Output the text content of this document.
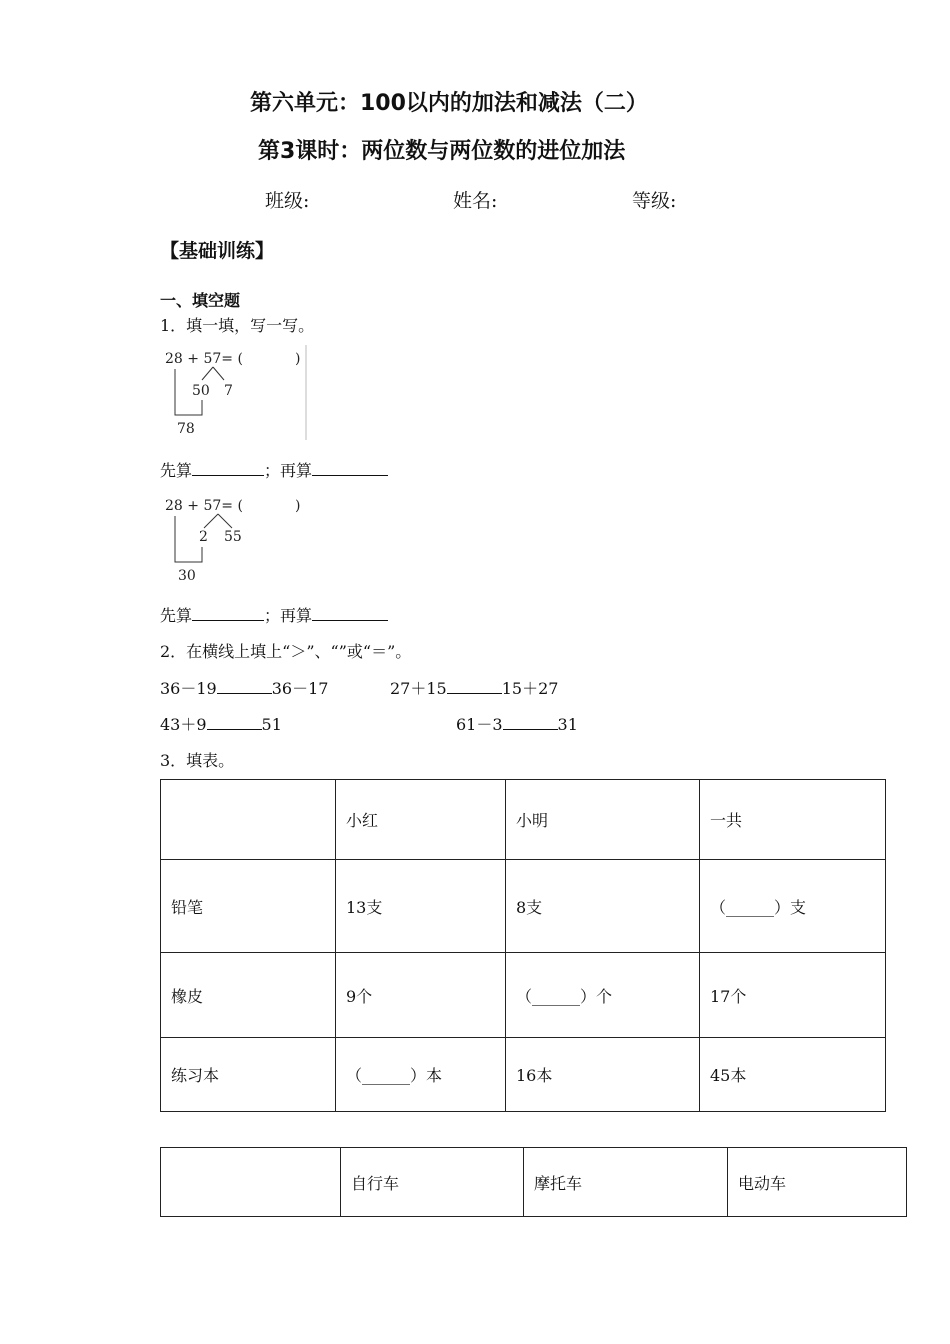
第六单元：100以内的加法和减法（二）
第3课时：两位数与两位数的进位加法
班级:	姓名:	等级:
【基础训练】
一、填空题
1．填一填，写一写。
28 + 57= (	)
50 7
78
先算	；再算
28 + 57= (	)
2 55
30
先算	；再算
2．在横线上填上“＞”、“”或“＝”。
36－19	36－17	27＋15	15＋27
43＋9	51	61－3	31
3．填表。
	小红	小明	一共
铅笔	13支	8支	（______）支
橡皮	9个	（______）个	17个
练习本	（______）本	16本	45本
	自行车	摩托车	电动车
